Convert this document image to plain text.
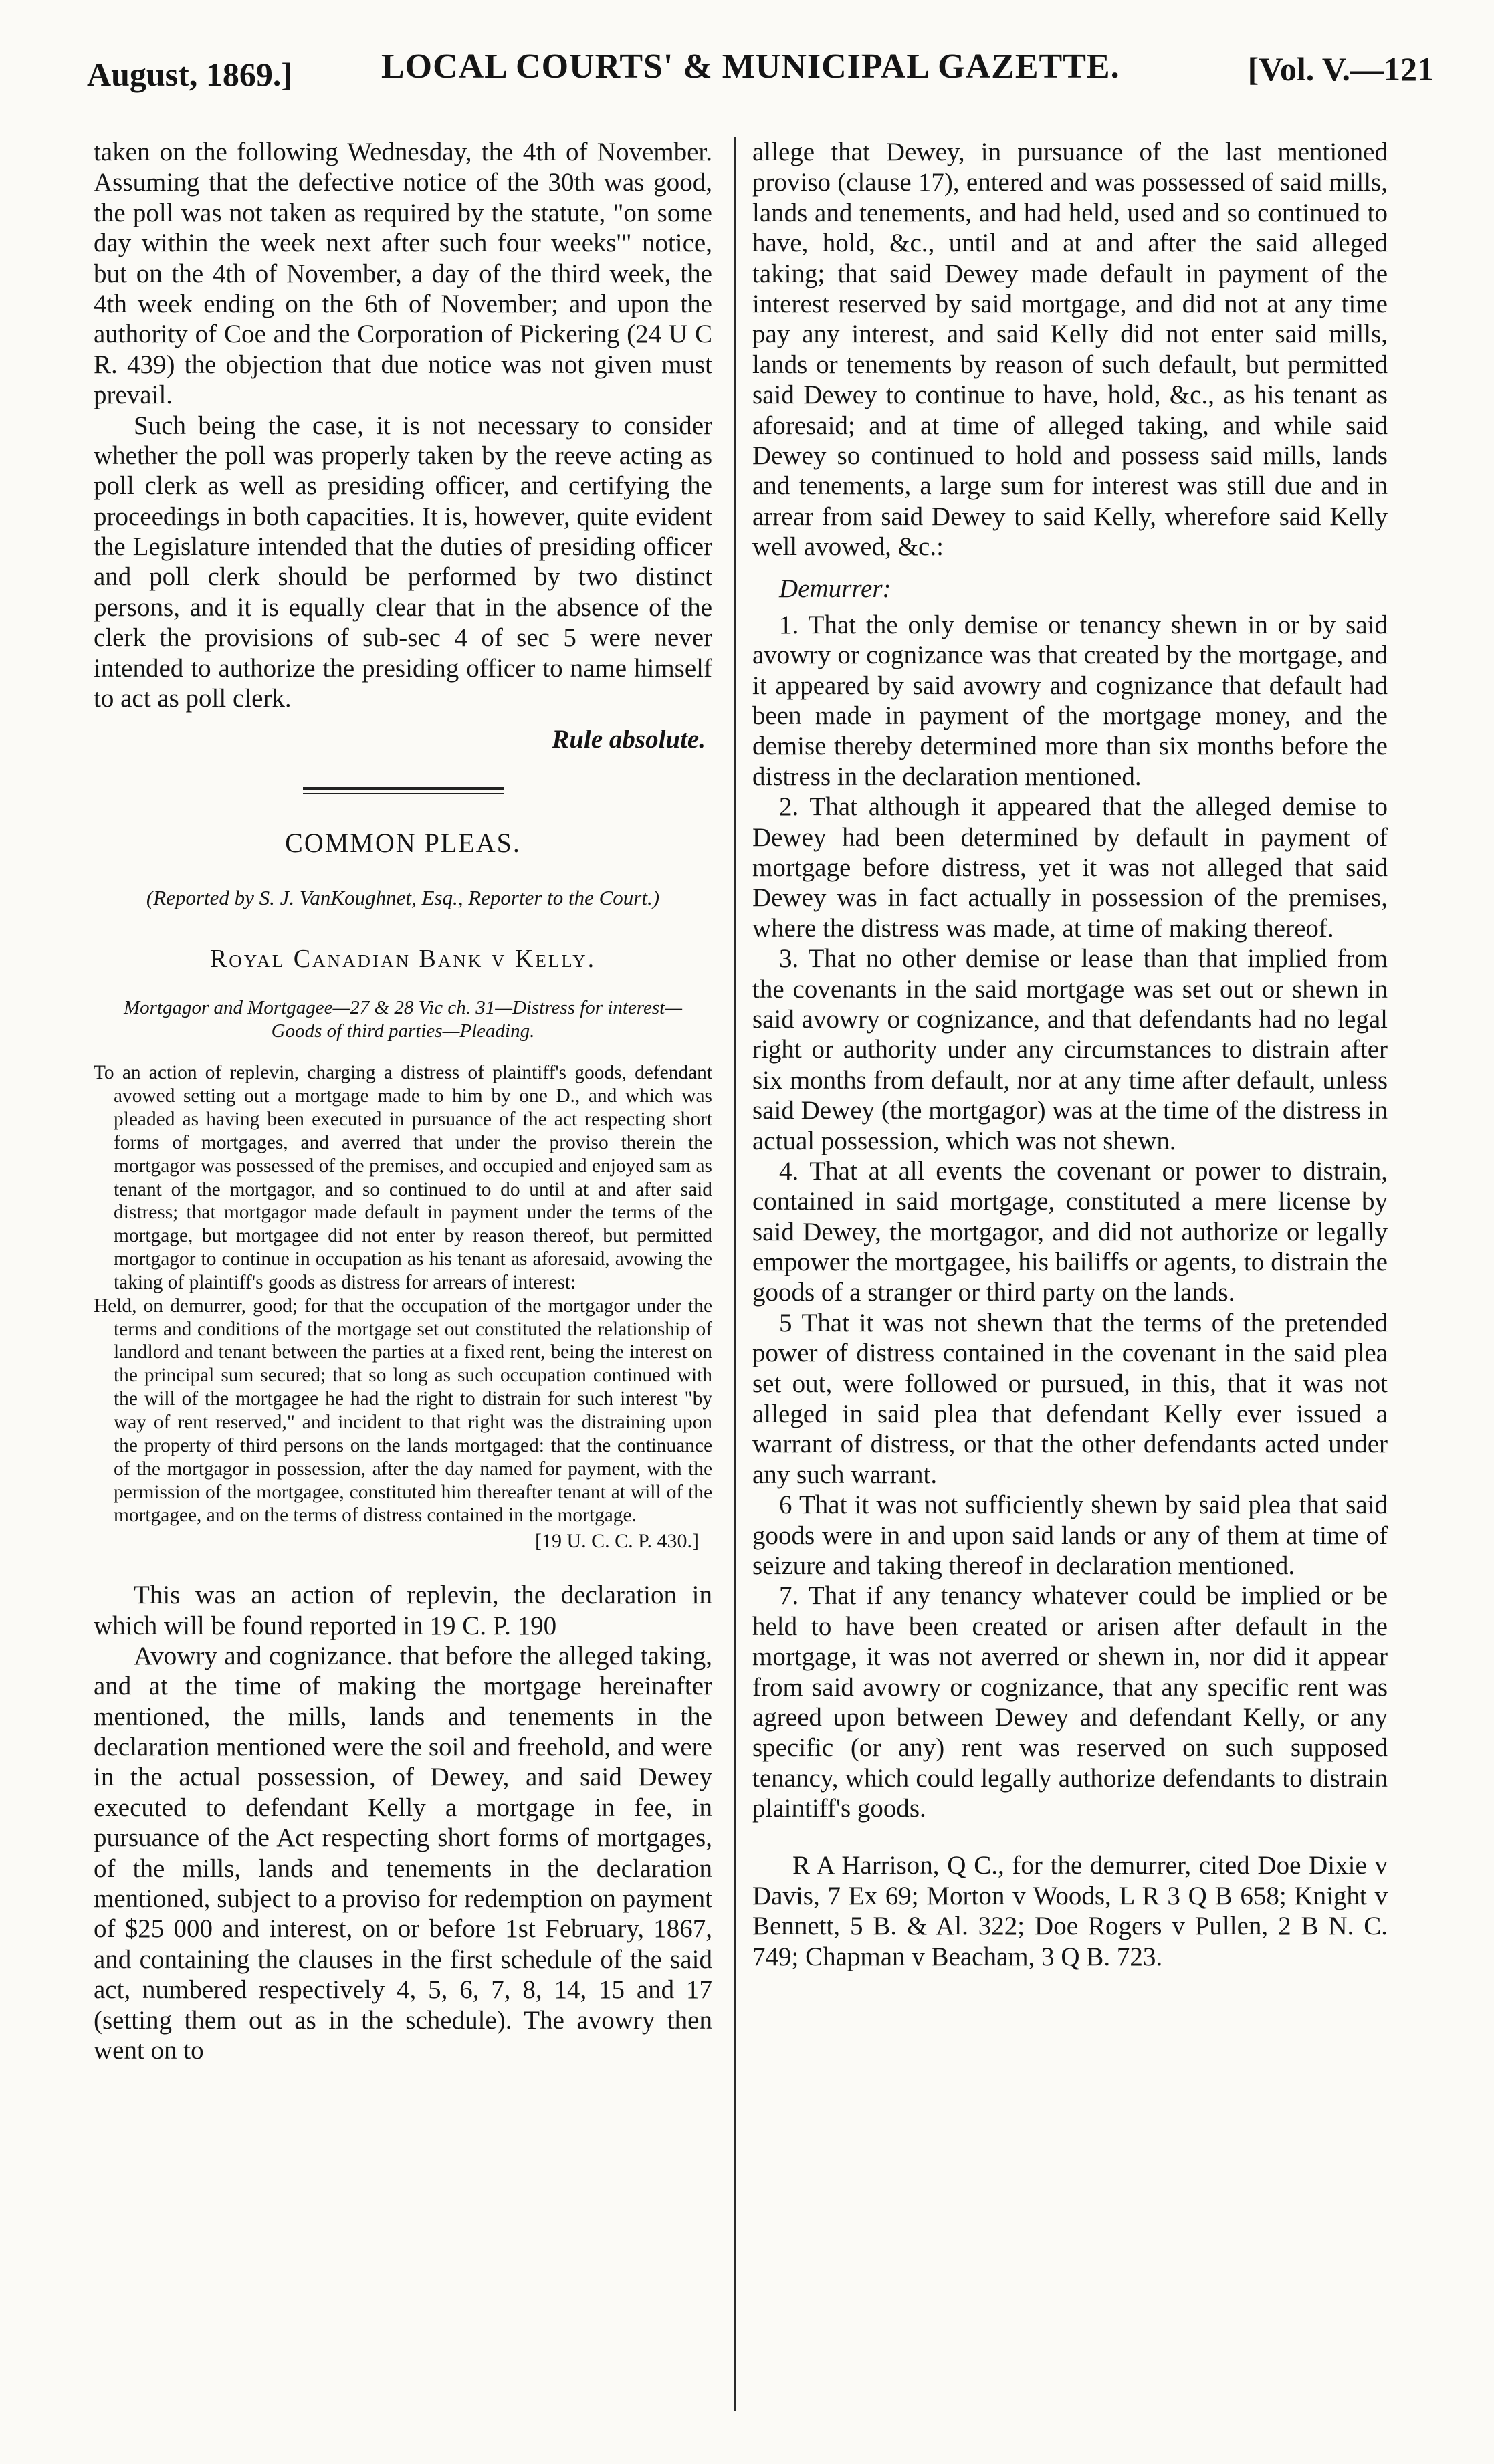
August, 1869.]	LOCAL COURTS' & MUNICIPAL GAZETTE.	[Vol. V.—121

taken on the following Wednesday, the 4th of November. Assuming that the defective notice of the 30th was good, the poll was not taken as required by the statute, "on some day within the week next after such four weeks'" notice, but on the 4th of November, a day of the third week, the 4th week ending on the 6th of November; and upon the authority of Coe and the Corporation of Pickering (24 U C R. 439) the objection that due notice was not given must prevail.

Such being the case, it is not necessary to consider whether the poll was properly taken by the reeve acting as poll clerk as well as presiding officer, and certifying the proceedings in both capacities. It is, however, quite evident the Legislature intended that the duties of presiding officer and poll clerk should be performed by two distinct persons, and it is equally clear that in the absence of the clerk the provisions of sub-sec 4 of sec 5 were never intended to authorize the presiding officer to name himself to act as poll clerk.

Rule absolute.

COMMON PLEAS.

(Reported by S. J. VanKoughnet, Esq., Reporter to the Court.)

Royal Canadian Bank v Kelly.

Mortgagor and Mortgagee—27 & 28 Vic ch. 31—Distress for interest—Goods of third parties—Pleading.

To an action of replevin, charging a distress of plaintiff's goods, defendant avowed setting out a mortgage made to him by one D., and which was pleaded as having been executed in pursuance of the act respecting short forms of mortgages, and averred that under the proviso therein the mortgagor was possessed of the premises, and occupied and enjoyed sam as tenant of the mortgagor, and so continued to do until at and after said distress; that mortgagor made default in payment under the terms of the mortgage, but mortgagee did not enter by reason thereof, but permitted mortgagor to continue in occupation as his tenant as aforesaid, avowing the taking of plaintiff's goods as distress for arrears of interest:

Held, on demurrer, good; for that the occupation of the mortgagor under the terms and conditions of the mortgage set out constituted the relationship of landlord and tenant between the parties at a fixed rent, being the interest on the principal sum secured; that so long as such occupation continued with the will of the mortgagee he had the right to distrain for such interest "by way of rent reserved," and incident to that right was the distraining upon the property of third persons on the lands mortgaged: that the continuance of the mortgagor in possession, after the day named for payment, with the permission of the mortgagee, constituted him thereafter tenant at will of the mortgagee, and on the terms of distress contained in the mortgage.

[19 U. C. C. P. 430.]

This was an action of replevin, the declaration in which will be found reported in 19 C. P. 190

Avowry and cognizance. that before the alleged taking, and at the time of making the mortgage hereinafter mentioned, the mills, lands and tenements in the declaration mentioned were the soil and freehold, and were in the actual possession, of Dewey, and said Dewey executed to defendant Kelly a mortgage in fee, in pursuance of the Act respecting short forms of mortgages, of the mills, lands and tenements in the declaration mentioned, subject to a proviso for redemption on payment of $25 000 and interest, on or before 1st February, 1867, and containing the clauses in the first schedule of the said act, numbered respectively 4, 5, 6, 7, 8, 14, 15 and 17 (setting them out as in the schedule). The avowry then went on to

allege that Dewey, in pursuance of the last mentioned proviso (clause 17), entered and was possessed of said mills, lands and tenements, and had held, used and so continued to have, hold, &c., until and at and after the said alleged taking; that said Dewey made default in payment of the interest reserved by said mortgage, and did not at any time pay any interest, and said Kelly did not enter said mills, lands or tenements by reason of such default, but permitted said Dewey to continue to have, hold, &c., as his tenant as aforesaid; and at time of alleged taking, and while said Dewey so continued to hold and possess said mills, lands and tenements, a large sum for interest was still due and in arrear from said Dewey to said Kelly, wherefore said Kelly well avowed, &c.:

Demurrer:

1. That the only demise or tenancy shewn in or by said avowry or cognizance was that created by the mortgage, and it appeared by said avowry and cognizance that default had been made in payment of the mortgage money, and the demise thereby determined more than six months before the distress in the declaration mentioned.

2. That although it appeared that the alleged demise to Dewey had been determined by default in payment of mortgage before distress, yet it was not alleged that said Dewey was in fact actually in possession of the premises, where the distress was made, at time of making thereof.

3. That no other demise or lease than that implied from the covenants in the said mortgage was set out or shewn in said avowry or cognizance, and that defendants had no legal right or authority under any circumstances to distrain after six months from default, nor at any time after default, unless said Dewey (the mortgagor) was at the time of the distress in actual possession, which was not shewn.

4. That at all events the covenant or power to distrain, contained in said mortgage, constituted a mere license by said Dewey, the mortgagor, and did not authorize or legally empower the mortgagee, his bailiffs or agents, to distrain the goods of a stranger or third party on the lands.

5 That it was not shewn that the terms of the pretended power of distress contained in the covenant in the said plea set out, were followed or pursued, in this, that it was not alleged in said plea that defendant Kelly ever issued a warrant of distress, or that the other defendants acted under any such warrant.

6 That it was not sufficiently shewn by said plea that said goods were in and upon said lands or any of them at time of seizure and taking thereof in declaration mentioned.

7. That if any tenancy whatever could be implied or be held to have been created or arisen after default in the mortgage, it was not averred or shewn in, nor did it appear from said avowry or cognizance, that any specific rent was agreed upon between Dewey and defendant Kelly, or any specific (or any) rent was reserved on such supposed tenancy, which could legally authorize defendants to distrain plaintiff's goods.

R A Harrison, Q C., for the demurrer, cited Doe Dixie v Davis, 7 Ex 69; Morton v Woods, L R 3 Q B 658; Knight v Bennett, 5 B. & Al. 322; Doe Rogers v Pullen, 2 B N. C. 749; Chapman v Beacham, 3 Q B. 723.
